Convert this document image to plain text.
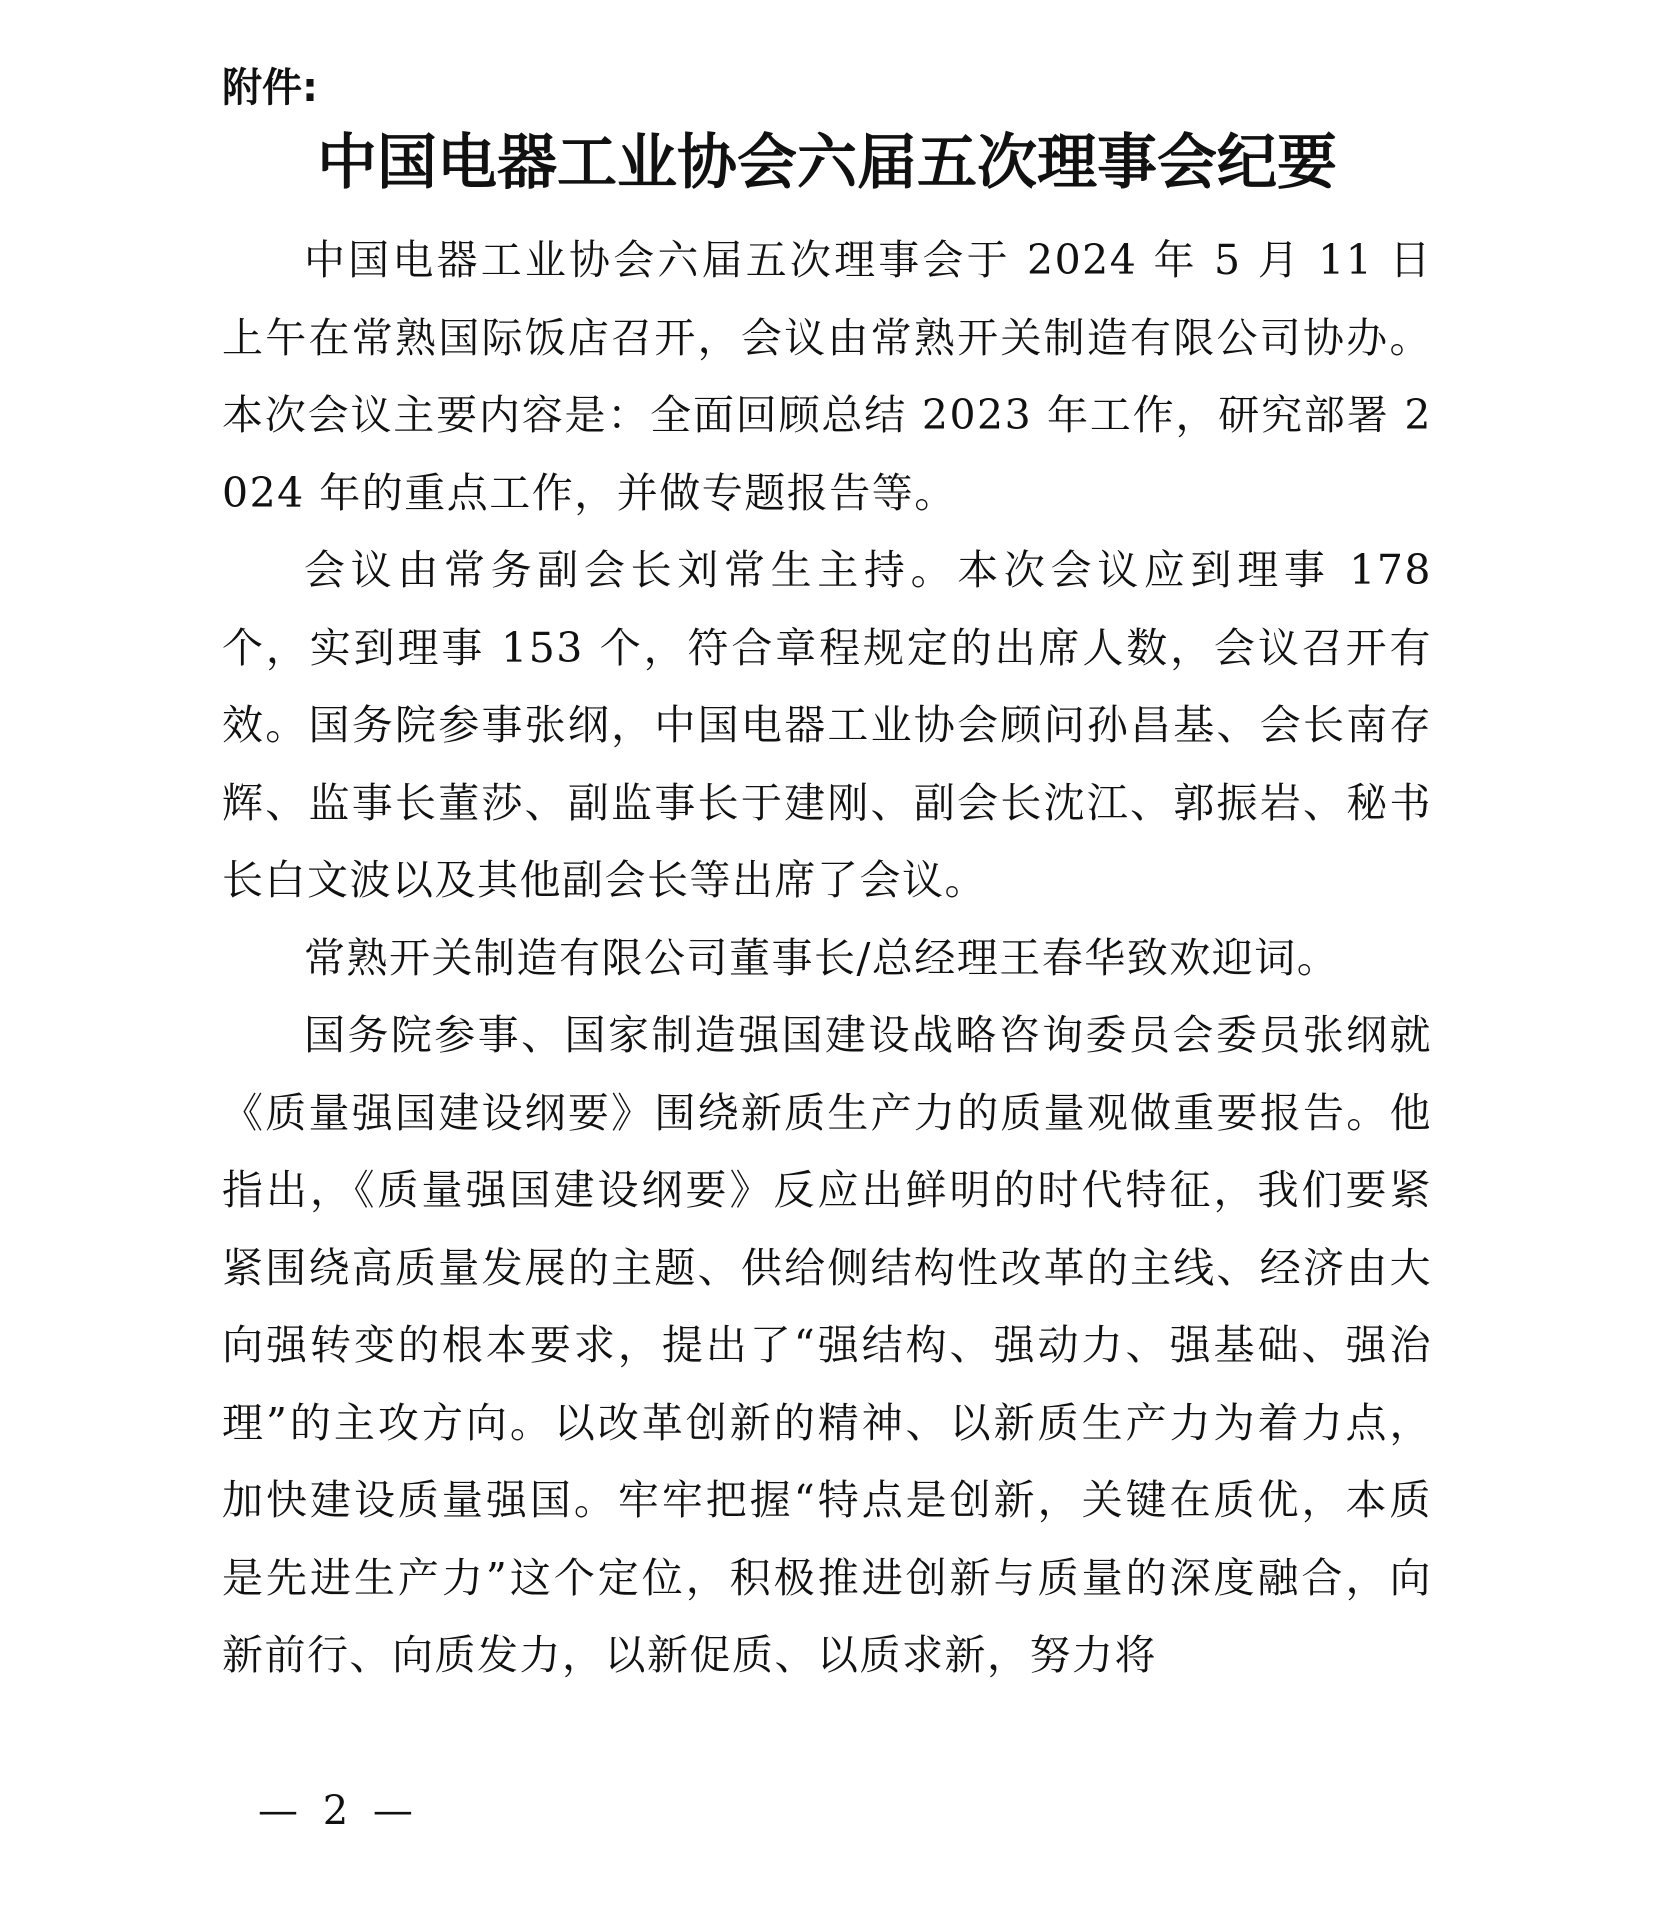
附件:

中国电器工业协会六届五次理事会纪要

中国电器工业协会六届五次理事会于 2024 年 5 月 11 日上午在常熟国际饭店召开，会议由常熟开关制造有限公司协办。本次会议主要内容是：全面回顾总结 2023 年工作，研究部署 2024 年的重点工作，并做专题报告等。

会议由常务副会长刘常生主持。本次会议应到理事 178 个，实到理事 153 个，符合章程规定的出席人数，会议召开有效。国务院参事张纲，中国电器工业协会顾问孙昌基、会长南存辉、监事长董莎、副监事长于建刚、副会长沈江、郭振岩、秘书长白文波以及其他副会长等出席了会议。

常熟开关制造有限公司董事长/总经理王春华致欢迎词。

国务院参事、国家制造强国建设战略咨询委员会委员张纲就《质量强国建设纲要》围绕新质生产力的质量观做重要报告。他指出，《质量强国建设纲要》反应出鲜明的时代特征，我们要紧紧围绕高质量发展的主题、供给侧结构性改革的主线、经济由大向强转变的根本要求，提出了“强结构、强动力、强基础、强治理”的主攻方向。以改革创新的精神、以新质生产力为着力点，加快建设质量强国。牢牢把握“特点是创新，关键在质优，本质是先进生产力”这个定位，积极推进创新与质量的深度融合，向新前行、向质发力，以新促质、以质求新，努力将

— 2 —
